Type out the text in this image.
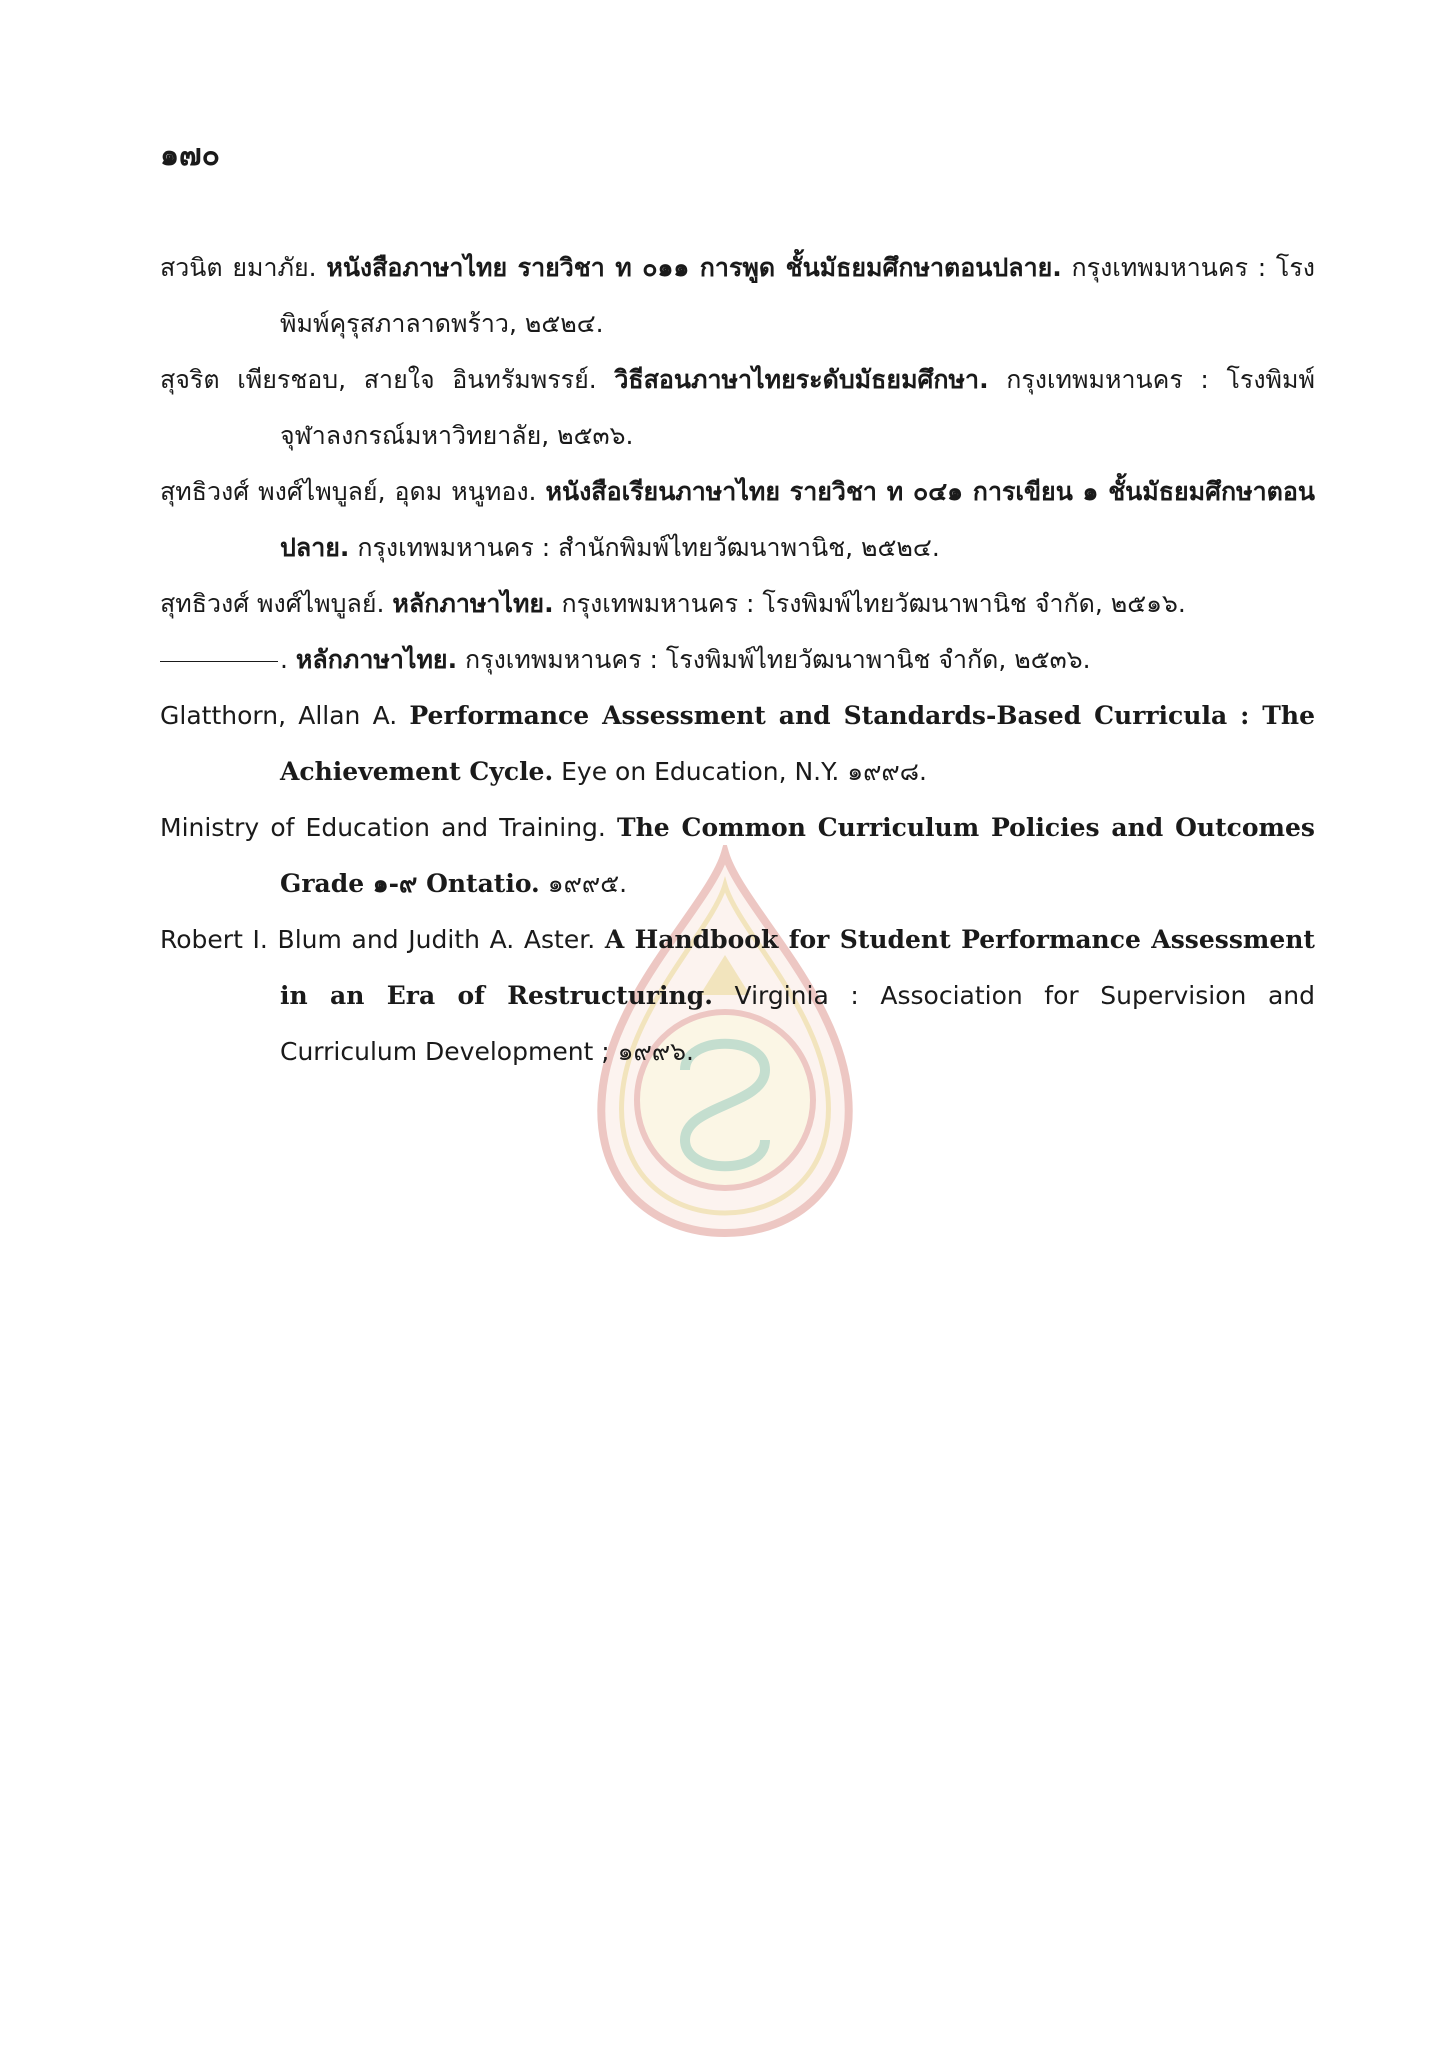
๑๗๐

สวนิต ยมาภัย. หนังสือภาษาไทย รายวิชา ท ๐๑๑ การพูด ชั้นมัธยมศึกษาตอนปลาย. กรุงเทพมหานคร : โรงพิมพ์คุรุสภาลาดพร้าว, ๒๕๒๔.

สุจริต เพียรชอบ, สายใจ อินทรัมพรรย์. วิธีสอนภาษาไทยระดับมัธยมศึกษา. กรุงเทพมหานคร : โรงพิมพ์จุฬาลงกรณ์มหาวิทยาลัย, ๒๕๓๖.

สุทธิวงศ์ พงศ์ไพบูลย์, อุดม หนูทอง. หนังสือเรียนภาษาไทย รายวิชา ท ๐๔๑ การเขียน ๑ ชั้นมัธยมศึกษาตอนปลาย. กรุงเทพมหานคร : สำนักพิมพ์ไทยวัฒนาพานิช, ๒๕๒๔.

สุทธิวงศ์ พงศ์ไพบูลย์. หลักภาษาไทย. กรุงเทพมหานคร : โรงพิมพ์ไทยวัฒนาพานิช จำกัด, ๒๕๑๖.

. หลักภาษาไทย. กรุงเทพมหานคร : โรงพิมพ์ไทยวัฒนาพานิช จำกัด, ๒๕๓๖.

Glatthorn, Allan A. Performance Assessment and Standards-Based Curricula : The Achievement Cycle. Eye on Education, N.Y. ๑๙๙๘.

Ministry of Education and Training. The Common Curriculum Policies and Outcomes Grade ๑-๙ Ontatio. ๑๙๙๕.

Robert I. Blum and Judith A. Aster. A Handbook for Student Performance Assessment in an Era of Restructuring. Virginia : Association for Supervision and Curriculum Development ; ๑๙๙๖.
